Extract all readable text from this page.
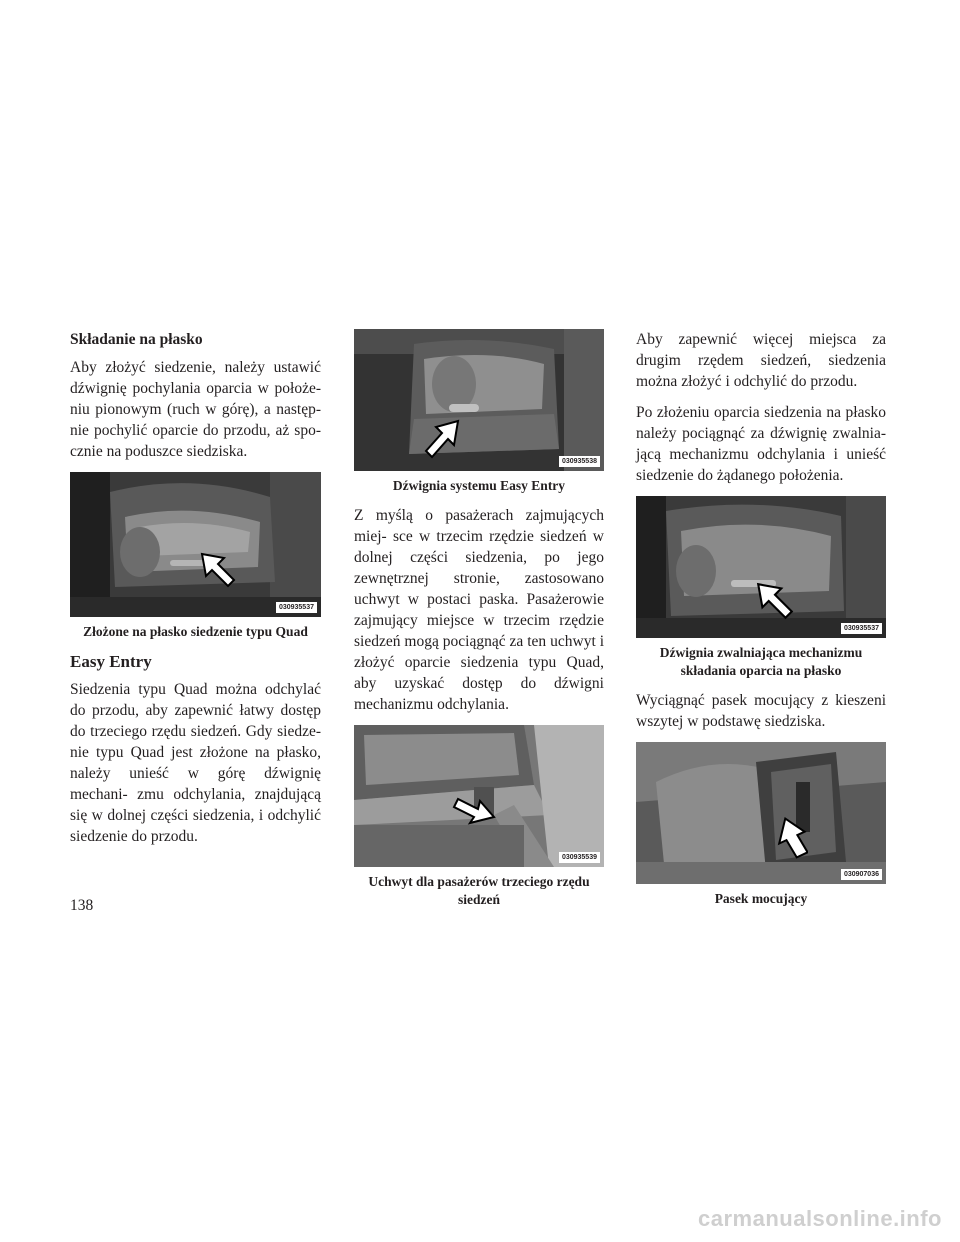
Składanie na płasko

Aby złożyć siedzenie, należy ustawić dźwignię pochylania oparcia w położe- niu pionowym (ruch w górę), a następ- nie pochylić oparcie do przodu, aż spo- cznie na poduszce siedziska.

030935537
Złożone na płasko siedzenie typu Quad
Easy Entry

Siedzenia typu Quad można odchylać do przodu, aby zapewnić łatwy dostęp do trzeciego rzędu siedzeń. Gdy siedze- nie typu Quad jest złożone na płasko, należy unieść w górę dźwignię mechani- zmu odchylania, znajdującą się w dolnej części siedzenia, i odchylić siedzenie do przodu.

030935538
Dźwignia systemu Easy Entry

Z myślą o pasażerach zajmujących miej- sce w trzecim rzędzie siedzeń w dolnej części siedzenia, po jego zewnętrznej stronie, zastosowano uchwyt w postaci paska. Pasażerowie zajmujący miejsce w trzecim rzędzie siedzeń mogą pociągnąć za ten uchwyt i złożyć oparcie siedzenia typu Quad, aby uzyskać dostęp do dźwigni mechanizmu odchylania.

030935539
Uchwyt dla pasażerów trzeciego rzędu siedzeń

Aby zapewnić więcej miejsca za drugim rzędem siedzeń, siedzenia można złożyć i odchylić do przodu.

Po złożeniu oparcia siedzenia na płasko należy pociągnąć za dźwignię zwalnia- jącą mechanizmu odchylania i unieść siedzenie do żądanego położenia.

030935537
Dźwignia zwalniająca mechanizmu składania oparcia na płasko

Wyciągnąć pasek mocujący z kieszeni wszytej w podstawę siedziska.

030907036
Pasek mocujący
138
carmanualsonline.info
